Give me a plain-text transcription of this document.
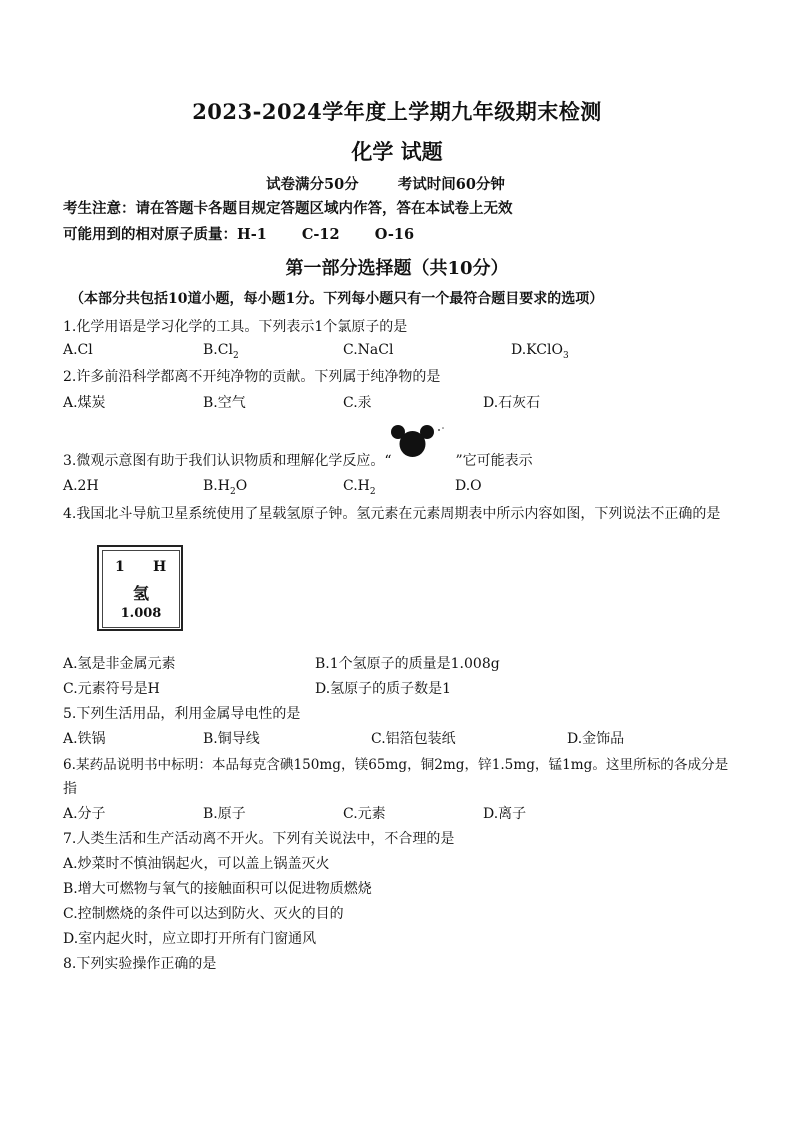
2023-2024学年度上学期九年级期末检测
化学 试题
试卷满分50分	考试时间60分钟
考生注意：请在答题卡各题目规定答题区域内作答，答在本试卷上无效
可能用到的相对原子质量：H-1 C-12 O-16
第一部分选择题（共10分）
（本部分共包括10道小题，每小题1分。下列每小题只有一个最符合题目要求的选项）
1.化学用语是学习化学的工具。下列表示1个氯原子的是
A.Cl	$B.Cl_2$	C.NaCl	D.KClO$_3$
2.许多前沿科学都离不开纯净物的贡献。下列属于纯净物的是
A.煤炭	B.空气	C.汞	D.石灰石
3.微观示意图有助于我们认识物质和理解化学反应。“	”它可能表示
A.2H	$B.H_2O$	$C.H_2$	D.O
4.我国北斗导航卫星系统使用了星载氢原子钟。氢元素在元素周期表中所示内容如图，下列说法不正确的是
1 H
氢
1.008
A.氢是非金属元素	B.1个氢原子的质量是1.008g
C.元素符号是H	D.氢原子的质子数是1
5.下列生活用品，利用金属导电性的是
A.铁锅	B.铜导线	C.铝箔包装纸	D.金饰品
6.某药品说明书中标明：本品每克含碘150mg，镁65mg，铜2mg，锌1.5mg，锰1mg。这里所标的各成分是
指
A.分子	B.原子	C.元素	D.离子
7.人类生活和生产活动离不开火。下列有关说法中，不合理的是
A.炒菜时不慎油锅起火，可以盖上锅盖灭火
B.增大可燃物与氧气的接触面积可以促进物质燃烧
C.控制燃烧的条件可以达到防火、灭火的目的
D.室内起火时，应立即打开所有门窗通风
8.下列实验操作正确的是
